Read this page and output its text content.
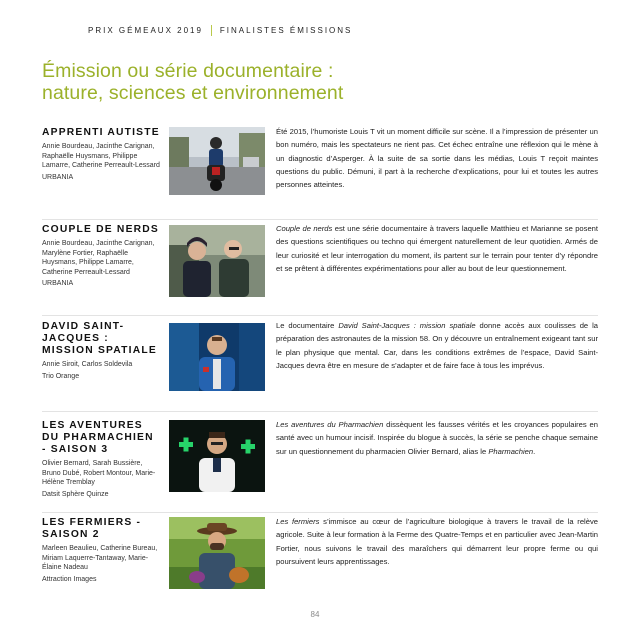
PRIX GÉMEAUX 2019 FINALISTES ÉMISSIONS
Émission ou série documentaire :
nature, sciences et environnement
APPRENTI AUTISTE
Annie Bourdeau, Jacinthe Carignan, Raphaëlle Huysmans, Philippe Lamarre, Catherine Perreault-Lessard
URBANIA
Été 2015, l’humoriste Louis T vit un moment difficile sur scène. Il a l’impression de présenter un bon numéro, mais les spectateurs ne rient pas. Cet échec entraîne une réflexion qui le mène à un diagnostic d’Asperger. À la suite de sa sortie dans les médias, Louis T reçoit maintes questions du public. Démuni, il part à la recherche d’explications, pour lui et toutes les autres personnes atteintes.
COUPLE DE NERDS
Annie Bourdeau, Jacinthe Carignan, Marylène Fortier, Raphaëlle Huysmans, Philippe Lamarre, Catherine Perreault-Lessard
URBANIA
Couple de nerds est une série documentaire à travers laquelle Matthieu et Marianne se posent des questions scientifiques ou techno qui émergent naturellement de leur quotidien. Armés de leur curiosité et leur interrogation du moment, ils partent sur le terrain pour tenter d’y répondre et se prêtent à différentes expérimentations pour aller au bout de leur questionnement.
DAVID SAINT-JACQUES : MISSION SPATIALE
Annie Siroit, Carlos Soldevila
Trio Orange
Le documentaire David Saint-Jacques : mission spatiale donne accès aux coulisses de la préparation des astronautes de la mission 58. On y découvre un entraînement exigeant tant sur le plan physique que mental. Car, dans les conditions extrêmes de l’espace, David Saint-Jacques devra être en mesure de s’adapter et de faire face à tous les imprévus.
LES AVENTURES DU PHARMACHIEN - SAISON 3
Olivier Bernard, Sarah Bussière, Bruno Dubé, Robert Montour, Marie-Hélène Tremblay
Datsit Sphère Quinze
Les aventures du Pharmachien dissèquent les fausses vérités et les croyances populaires en santé avec un humour incisif. Inspirée du blogue à succès, la série se penche chaque semaine sur un questionnement du pharmacien Olivier Bernard, alias le Pharmachien.
LES FERMIERS - SAISON 2
Marleen Beaulieu, Catherine Bureau, Miriam Laquerre-Tantaway, Marie-Élaine Nadeau
Attraction Images
Les fermiers s’immisce au cœur de l’agriculture biologique à travers le travail de la relève agricole. Suite à leur formation à la Ferme des Quatre-Temps et en particulier avec Jean-Martin Fortier, nous suivons le travail des maraîchers qui démarrent leur propre ferme ou qui poursuivent leurs apprentissages.
84
